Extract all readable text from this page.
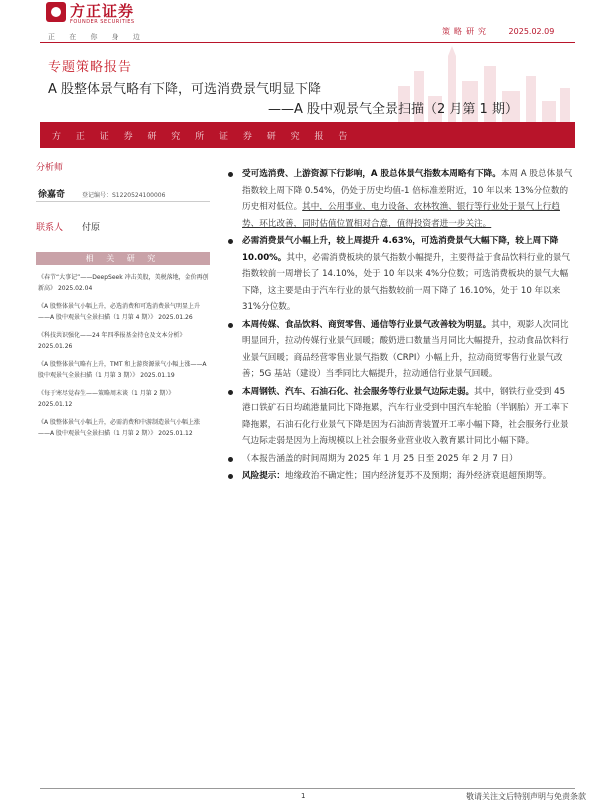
方正证券
FOUNDER SECURITIES
正 在 你 身 边
策略研究 2025.02.09
专题策略报告
A 股整体景气略有下降，可选消费景气明显下降
——A 股中观景气全景扫描（2 月第 1 期）
方 正 证 券 研 究 所 证 券 研 究 报 告
分析师
徐嘉奇	登记编号：S1220524100006
联系人 付原
相 关 研 究
《春节“大事记”——DeepSeek 冲击美股，美税落地，金价再创新高》 2025.02.04
《A 股整体景气小幅上升，必选消费和可选消费景气明显上升——A 股中观景气全景扫描（1 月第 4 期）》 2025.01.26
《科技共识强化——24 年四季报基金持仓及文本分析》 2025.01.26
《A 股整体景气略有上升，TMT 和上游资源景气小幅上涨——A 股中观景气全景扫描（1 月第 3 期）》 2025.01.19
《每于寒尽觉春生——策略周末谈（1 月第 2 期）》 2025.01.12
《A 股整体景气小幅上升，必需消费和中游制造景气小幅上涨——A 股中观景气全景扫描（1 月第 2 期）》 2025.01.12
受可选消费、上游资源下行影响，A 股总体景气指数本周略有下降。本周 A 股总体景气指数较上周下降 0.54%，仍处于历史均值-1 倍标准差附近，10 年以来 13%分位数的历史相对低位。其中，公用事业、电力设备、农林牧渔、银行等行业处于景气上行趋势、环比改善，同时估值位置相对合意，值得投资者进一步关注。
必需消费景气小幅上升，较上周提升 4.63%，可选消费景气大幅下降，较上周下降 10.00%。其中，必需消费板块的景气指数小幅提升，主要得益于食品饮料行业的景气指数较前一周增长了 14.10%，处于 10 年以来 4%分位数；可选消费板块的景气大幅下降，这主要是由于汽车行业的景气指数较前一周下降了 16.10%，处于 10 年以来 31%分位数。
本周传媒、食品饮料、商贸零售、通信等行业景气改善较为明显。其中，观影人次同比明显回升，拉动传媒行业景气回暖；酸奶进口数量当月同比大幅提升，拉动食品饮料行业景气回暖；商品经营零售业景气指数（CRPI）小幅上升，拉动商贸零售行业景气改善；5G 基站（建设）当季同比大幅提升，拉动通信行业景气回暖。
本周钢铁、汽车、石油石化、社会服务等行业景气边际走弱。其中，钢铁行业受到 45 港口铁矿石日均疏港量同比下降拖累，汽车行业受到中国汽车轮胎（半钢胎）开工率下降拖累，石油石化行业景气下降是因为石油沥青装置开工率小幅下降，社会服务行业景气边际走弱是因为上海规模以上社会服务业营业收入教育累计同比小幅下降。
（本报告涵盖的时间周期为 2025 年 1 月 25 日至 2025 年 2 月 7 日）
风险提示：地缘政治不确定性；国内经济复苏不及预期；海外经济衰退超预期等。
1	敬请关注文后特别声明与免责条款
